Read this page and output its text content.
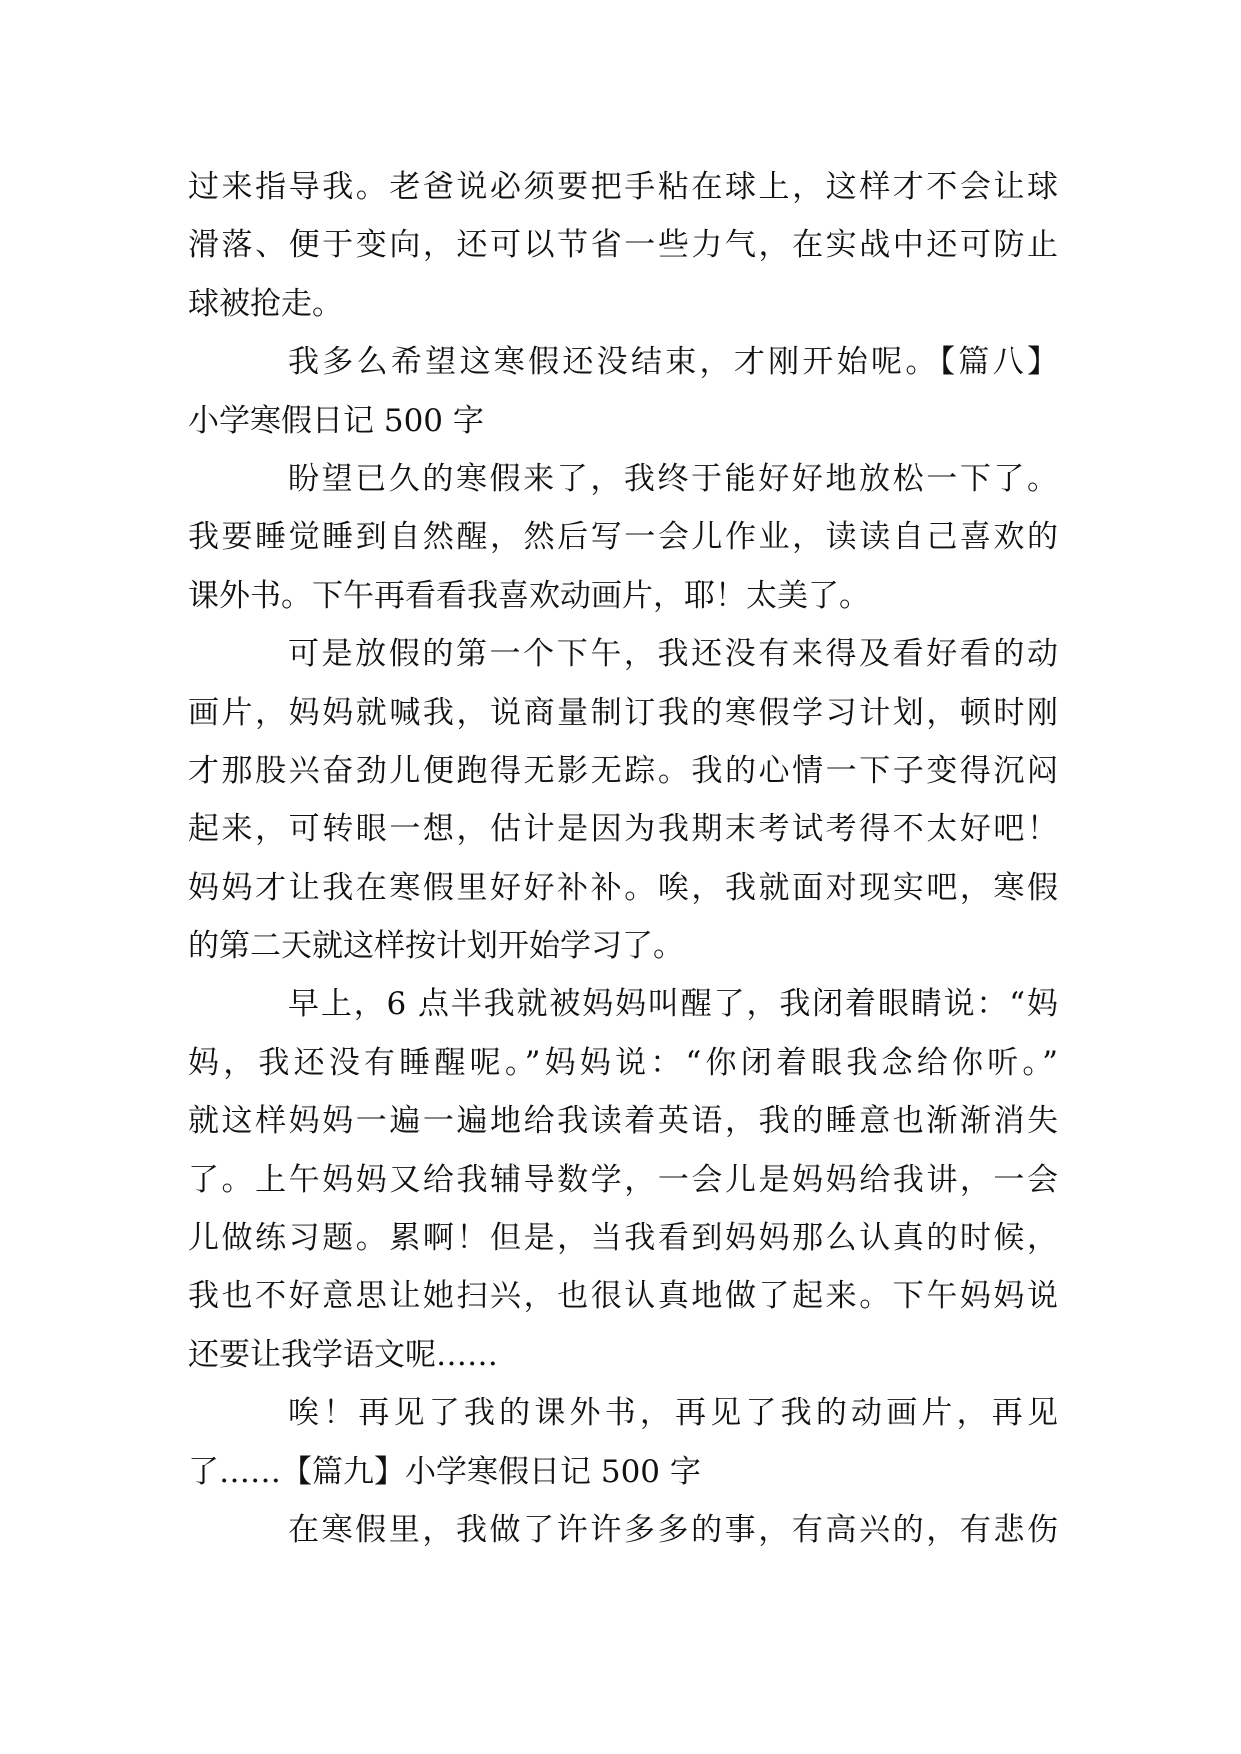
过来指导我。老爸说必须要把手粘在球上，这样才不会让球
滑落、便于变向，还可以节省一些力气，在实战中还可防止
球被抢走。
我多么希望这寒假还没结束，才刚开始呢。【篇八】
小学寒假日记 500 字
盼望已久的寒假来了，我终于能好好地放松一下了。
我要睡觉睡到自然醒，然后写一会儿作业，读读自己喜欢的
课外书。下午再看看我喜欢动画片，耶！太美了。
可是放假的第一个下午，我还没有来得及看好看的动
画片，妈妈就喊我，说商量制订我的寒假学习计划，顿时刚
才那股兴奋劲儿便跑得无影无踪。我的心情一下子变得沉闷
起来，可转眼一想，估计是因为我期末考试考得不太好吧！
妈妈才让我在寒假里好好补补。唉，我就面对现实吧，寒假
的第二天就这样按计划开始学习了。
早上，6 点半我就被妈妈叫醒了，我闭着眼睛说：“妈
妈，我还没有睡醒呢。”妈妈说：“你闭着眼我念给你听。”
就这样妈妈一遍一遍地给我读着英语，我的睡意也渐渐消失
了。上午妈妈又给我辅导数学，一会儿是妈妈给我讲，一会
儿做练习题。累啊！但是，当我看到妈妈那么认真的时候，
我也不好意思让她扫兴，也很认真地做了起来。下午妈妈说
还要让我学语文呢……
唉！再见了我的课外书，再见了我的动画片，再见
了……【篇九】小学寒假日记 500 字
在寒假里，我做了许许多多的事，有高兴的，有悲伤
